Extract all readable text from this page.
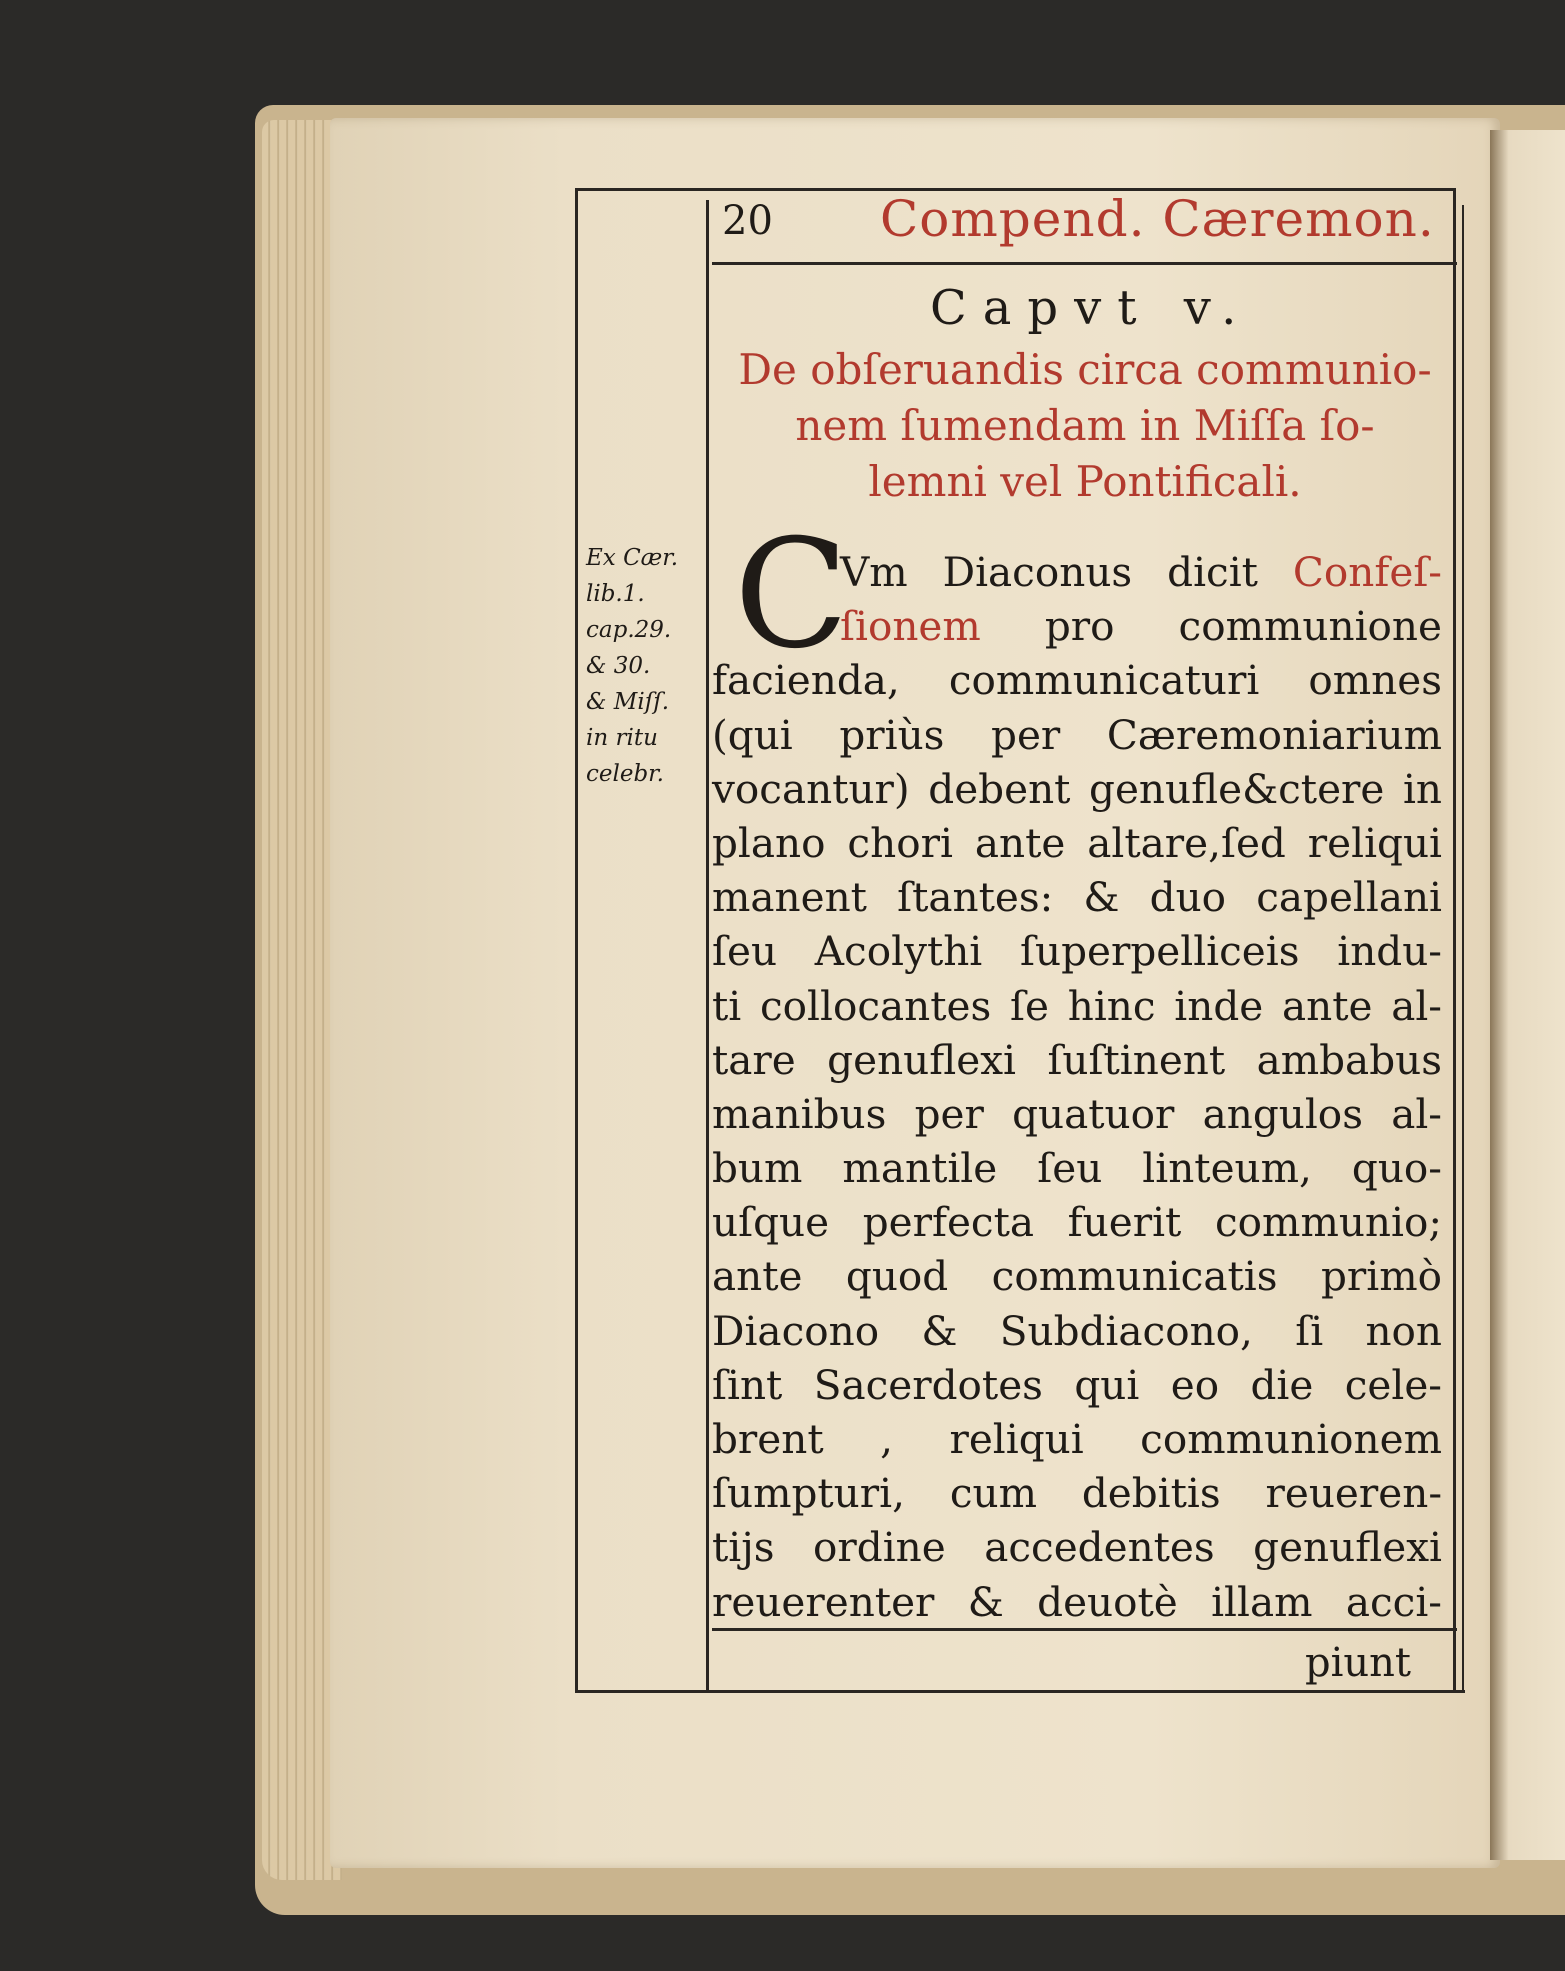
20 Compend. Cæremon.
Capvt v.
De obſeruandis circa communio-
nem ſumendam in Miſſa ſo-
lemni vel Pontificali.
Ex Cær.
lib.1.
cap.29.
& 30.
& Miſſ.
in ritu
celebr.
C
Vm Diaconus dicit Confeſ-
ſionem pro communione
facienda, communicaturi omnes
(qui priùs per Cæremoniarium
vocantur) debent genufle&ctere in
plano chori ante altare,ſed reliqui
manent ſtantes: & duo capellani
ſeu Acolythi ſuperpelliceis indu-
ti collocantes ſe hinc inde ante al-
tare genuflexi ſuſtinent ambabus
manibus per quatuor angulos al-
bum mantile ſeu linteum, quo-
uſque perfecta fuerit communio;
ante quod communicatis primò
Diacono & Subdiacono, ſi non
ſint Sacerdotes qui eo die cele-
brent , reliqui communionem
ſumpturi, cum debitis reueren-
tijs ordine accedentes genuflexi
reuerenter & deuotè illam acci-
piunt
